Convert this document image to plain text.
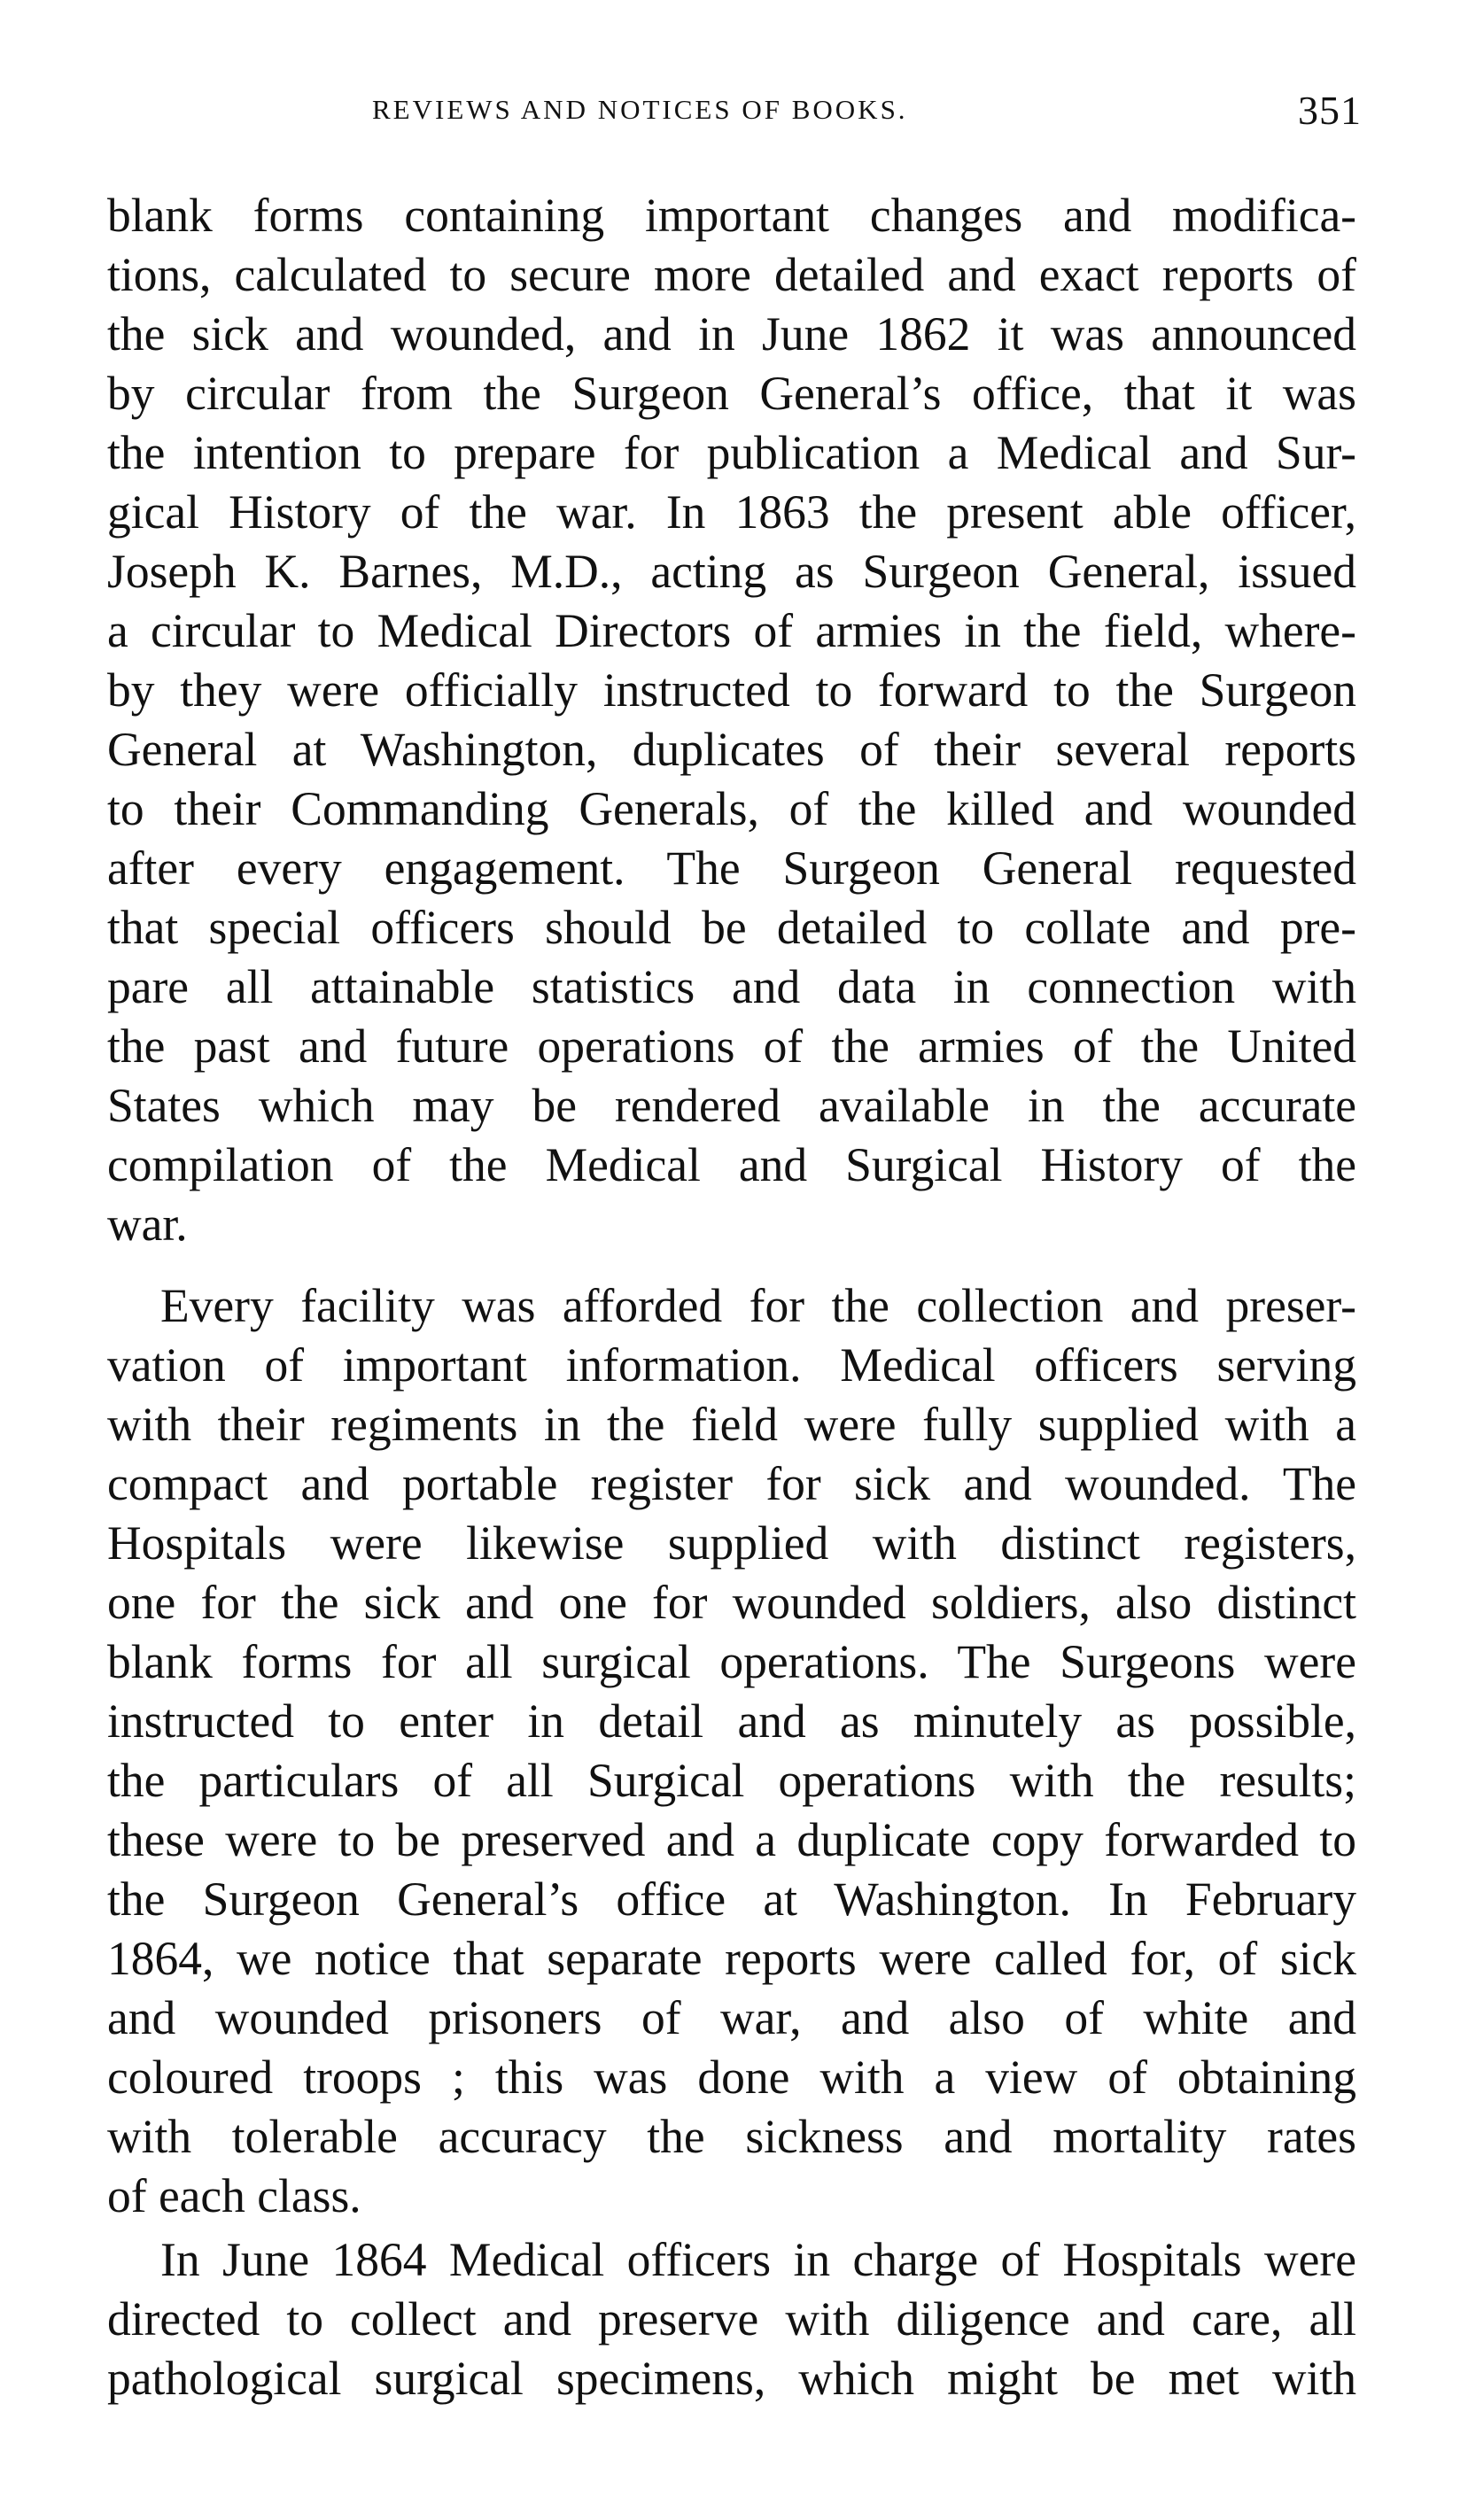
REVIEWS AND NOTICES OF BOOKS.	351
blank forms containing important changes and modifica-
tions, calculated to secure more detailed and exact reports of
the sick and wounded, and in June 1862 it was announced
by circular from the Surgeon General’s office, that it was
the intention to prepare for publication a Medical and Sur-
gical History of the war. In 1863 the present able officer,
Joseph K. Barnes, M.D., acting as Surgeon General, issued
a circular to Medical Directors of armies in the field, where-
by they were officially instructed to forward to the Surgeon
General at Washington, duplicates of their several reports
to their Commanding Generals, of the killed and wounded
after every engagement. The Surgeon General requested
that special officers should be detailed to collate and pre-
pare all attainable statistics and data in connection with
the past and future operations of the armies of the United
States which may be rendered available in the accurate
compilation of the Medical and Surgical History of the
war.
Every facility was afforded for the collection and preser-
vation of important information. Medical officers serving
with their regiments in the field were fully supplied with a
compact and portable register for sick and wounded. The
Hospitals were likewise supplied with distinct registers,
one for the sick and one for wounded soldiers, also distinct
blank forms for all surgical operations. The Surgeons were
instructed to enter in detail and as minutely as possible,
the particulars of all Surgical operations with the results;
these were to be preserved and a duplicate copy forwarded to
the Surgeon General’s office at Washington. In February
1864, we notice that separate reports were called for, of sick
and wounded prisoners of war, and also of white and
coloured troops ; this was done with a view of obtaining
with tolerable accuracy the sickness and mortality rates
of each class.
In June 1864 Medical officers in charge of Hospitals were
directed to collect and preserve with diligence and care, all
pathological surgical specimens, which might be met with
